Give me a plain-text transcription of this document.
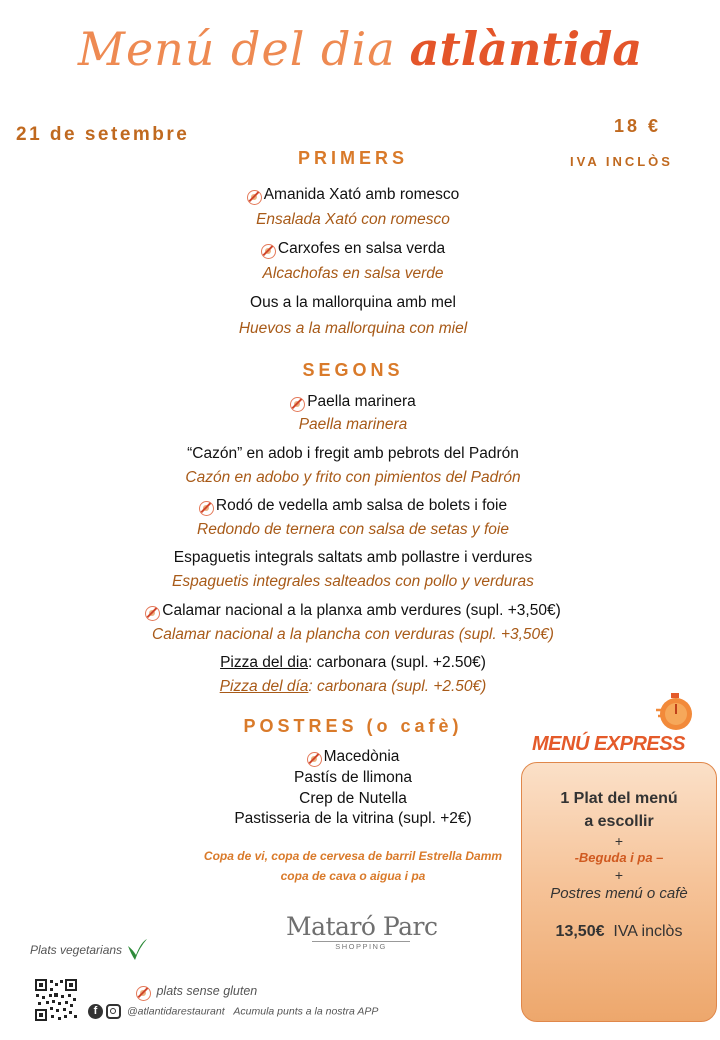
Menú del dia atlàntida
21 de setembre	18 €
IVA INCLÒS
PRIMERS
Amanida Xató amb romesco
Ensalada Xató con romesco
Carxofes en salsa verda
Alcachofas en salsa verde
Ous a la mallorquina amb mel
Huevos a la mallorquina con miel
SEGONS
Paella marinera
Paella marinera
“Cazón” en adob i fregit amb pebrots del Padrón
Cazón en adobo y frito con pimientos del Padrón
Rodó de vedella amb salsa de bolets i foie
Redondo de ternera con salsa de setas y foie
Espaguetis integrals saltats amb pollastre i verdures
Espaguetis integrales salteados con pollo y verduras
Calamar nacional a la planxa amb verdures (supl. +3,50€)
Calamar nacional a la plancha con verduras (supl. +3,50€)
Pizza del dia: carbonara (supl. +2.50€)
Pizza del día: carbonara (supl. +2.50€)
POSTRES (o cafè)
Macedònia
Pastís de llimona
Crep de Nutella
Pastisseria de la vitrina (supl. +2€)
Copa de vi, copa de cervesa de barril Estrella Damm
copa de cava o aigua i pa
Plats vegetarians
Mataró Parc
SHOPPING
plats sense gluten
f	@atlantidarestaurant Acumula punts a la nostra APP
MENÚ EXPRESS
1 Plat del menú
a escollir
+
-Beguda i pa –
+
Postres menú o cafè
13,50€ IVA inclòs
